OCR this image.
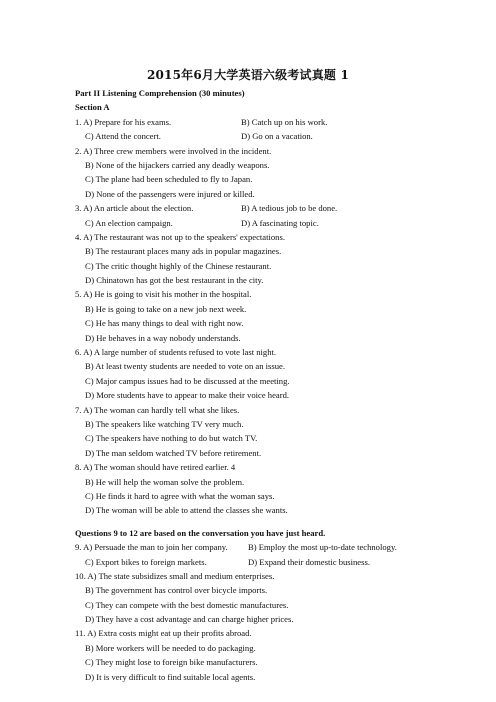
2015年6月大学英语六级考试真题 1
Part II Listening Comprehension (30 minutes)
Section A
1. A) Prepare for his exams.	B) Catch up on his work.
C) Attend the concert.	D) Go on a vacation.
2. A) Three crew members were involved in the incident.
B) None of the hijackers carried any deadly weapons.
C) The plane had been scheduled to fly to Japan.
D) None of the passengers were injured or killed.
3. A) An article about the election.	B) A tedious job to be done.
C) An election campaign.	D) A fascinating topic.
4. A) The restaurant was not up to the speakers' expectations.
B) The restaurant places many ads in popular magazines.
C) The critic thought highly of the Chinese restaurant.
D) Chinatown has got the best restaurant in the city.
5. A) He is going to visit his mother in the hospital.
B) He is going to take on a new job next week.
C) He has many things to deal with right now.
D) He behaves in a way nobody understands.
6. A) A large number of students refused to vote last night.
B) At least twenty students are needed to vote on an issue.
C) Major campus issues had to be discussed at the meeting.
D) More students have to appear to make their voice heard.
7. A) The woman can hardly tell what she likes.
B) The speakers like watching TV very much.
C) The speakers have nothing to do but watch TV.
D) The man seldom watched TV before retirement.
8. A) The woman should have retired earlier. 4
B) He will help the woman solve the problem.
C) He finds it hard to agree with what the woman says.
D) The woman will be able to attend the classes she wants.
Questions 9 to 12 are based on the conversation you have just heard.
9. A) Persuade the man to join her company.	B) Employ the most up-to-date technology.
C) Export bikes to foreign markets.	D) Expand their domestic business.
10. A) The state subsidizes small and medium enterprises.
B) The government has control over bicycle imports.
C) They can compete with the best domestic manufactures.
D) They have a cost advantage and can charge higher prices.
11. A) Extra costs might eat up their profits abroad.
B) More workers will be needed to do packaging.
C) They might lose to foreign bike manufacturers.
D) It is very difficult to find suitable local agents.
